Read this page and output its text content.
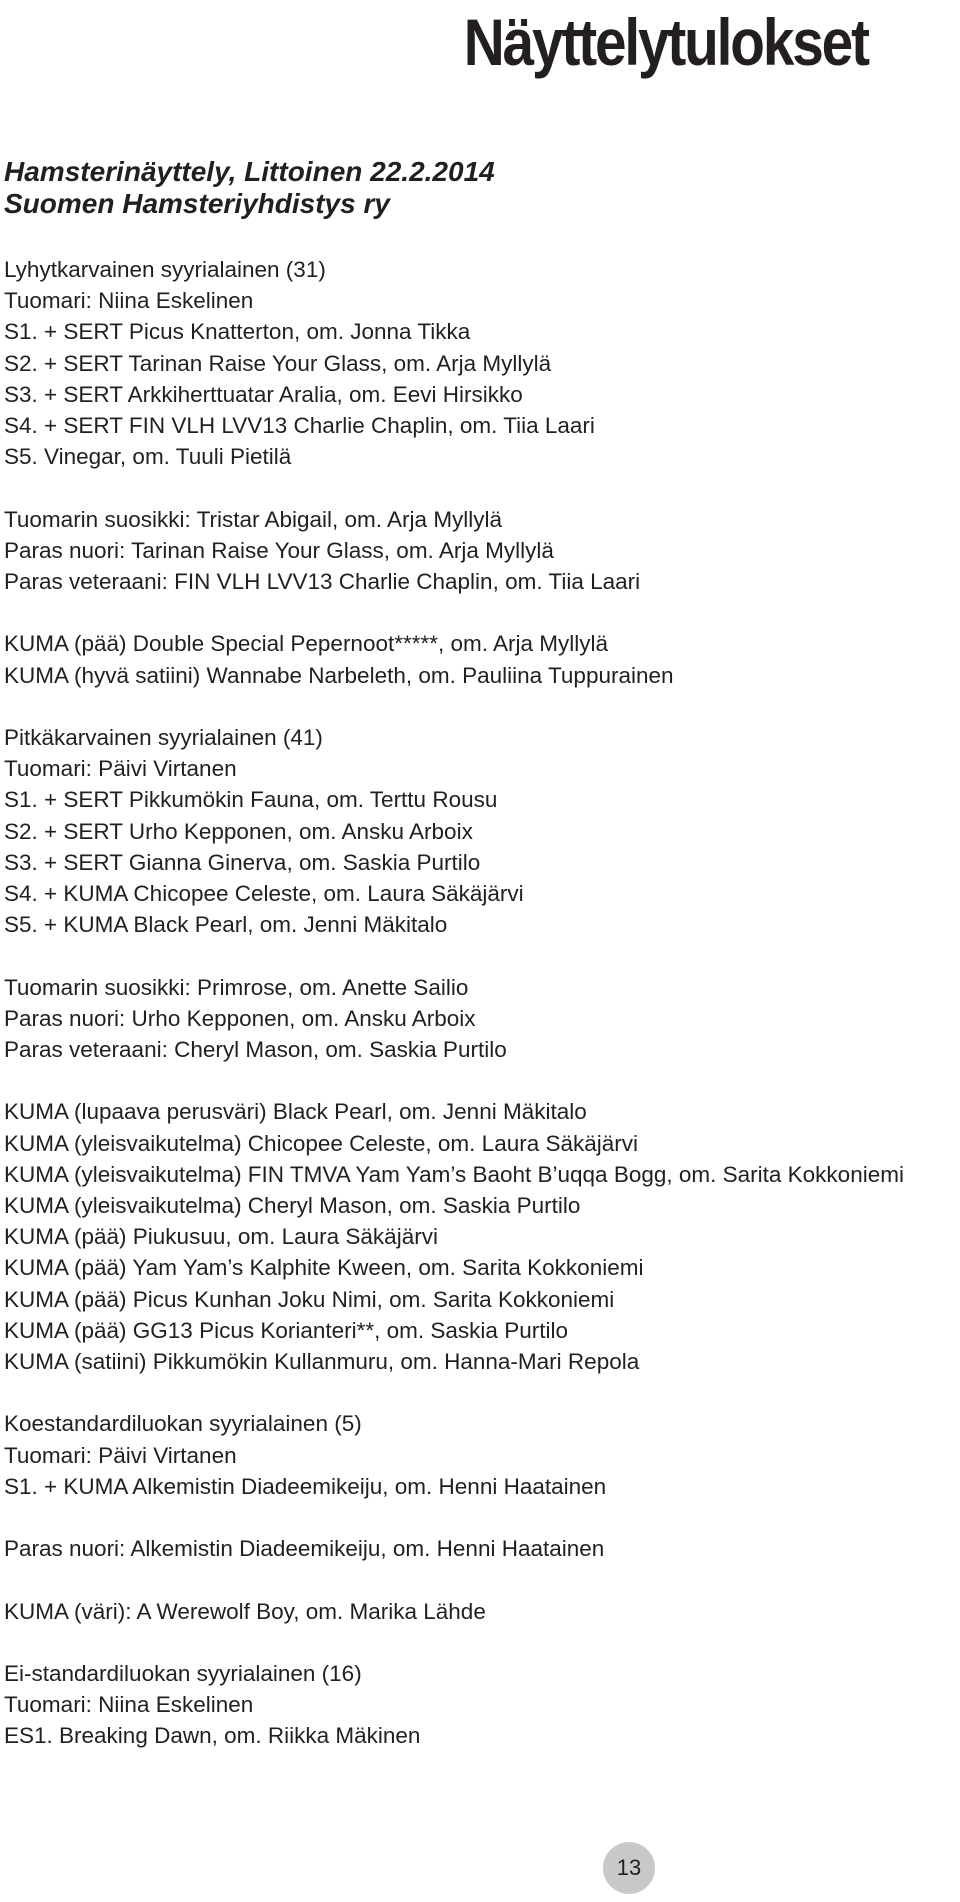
Näyttelytulokset
Hamsterinäyttely, Littoinen 22.2.2014
Suomen Hamsteriyhdistys ry
Lyhytkarvainen syyrialainen (31)
Tuomari: Niina Eskelinen
S1. + SERT Picus Knatterton, om. Jonna Tikka
S2. + SERT Tarinan Raise Your Glass, om. Arja Myllylä
S3. + SERT Arkkiherttuatar Aralia, om. Eevi Hirsikko
S4. + SERT FIN VLH LVV13 Charlie Chaplin, om. Tiia Laari
S5. Vinegar, om. Tuuli Pietilä
Tuomarin suosikki: Tristar Abigail, om. Arja Myllylä
Paras nuori: Tarinan Raise Your Glass, om. Arja Myllylä
Paras veteraani: FIN VLH LVV13 Charlie Chaplin, om. Tiia Laari
KUMA (pää) Double Special Pepernoot*****, om. Arja Myllylä
KUMA (hyvä satiini) Wannabe Narbeleth, om. Pauliina Tuppurainen
Pitkäkarvainen syyrialainen (41)
Tuomari: Päivi Virtanen
S1. + SERT Pikkumökin Fauna, om. Terttu Rousu
S2. + SERT Urho Kepponen, om. Ansku Arboix
S3. + SERT Gianna Ginerva, om. Saskia Purtilo
S4. + KUMA Chicopee Celeste, om. Laura Säkäjärvi
S5. + KUMA Black Pearl, om. Jenni Mäkitalo
Tuomarin suosikki: Primrose, om. Anette Sailio
Paras nuori: Urho Kepponen, om. Ansku Arboix
Paras veteraani: Cheryl Mason, om. Saskia Purtilo
KUMA (lupaava perusväri) Black Pearl, om. Jenni Mäkitalo
KUMA (yleisvaikutelma) Chicopee Celeste, om. Laura Säkäjärvi
KUMA (yleisvaikutelma) FIN TMVA Yam Yam’s Baoht B’uqqa Bogg, om. Sarita Kokkoniemi
KUMA (yleisvaikutelma) Cheryl Mason, om. Saskia Purtilo
KUMA (pää) Piukusuu, om. Laura Säkäjärvi
KUMA (pää) Yam Yam’s Kalphite Kween, om. Sarita Kokkoniemi
KUMA (pää) Picus Kunhan Joku Nimi, om. Sarita Kokkoniemi
KUMA (pää) GG13 Picus Korianteri**, om. Saskia Purtilo
KUMA (satiini) Pikkumökin Kullanmuru, om. Hanna-Mari Repola
Koestandardiluokan syyrialainen (5)
Tuomari: Päivi Virtanen
S1. + KUMA Alkemistin Diadeemikeiju, om. Henni Haatainen
Paras nuori: Alkemistin Diadeemikeiju, om. Henni Haatainen
KUMA (väri): A Werewolf Boy, om. Marika Lähde
Ei-standardiluokan syyrialainen (16)
Tuomari: Niina Eskelinen
ES1. Breaking Dawn, om. Riikka Mäkinen
13
